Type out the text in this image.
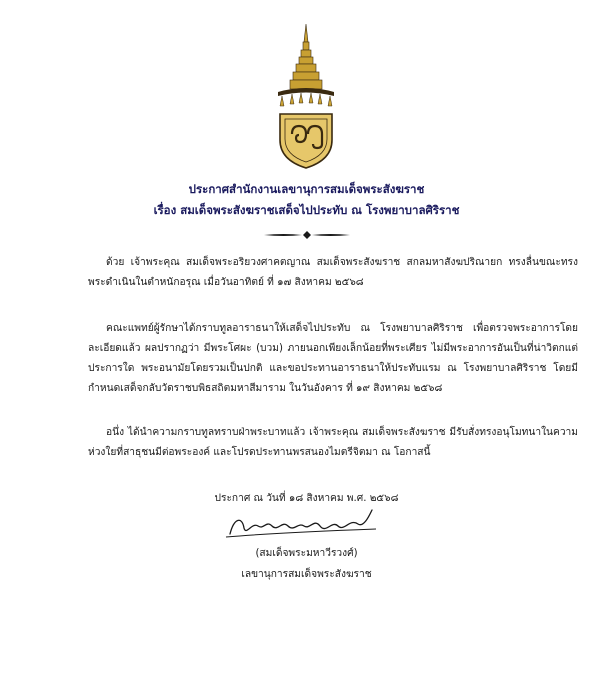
ประกาศสำนักงานเลขานุการสมเด็จพระสังฆราช
เรื่อง สมเด็จพระสังฆราชเสด็จไปประทับ ณ โรงพยาบาลศิริราช

ด้วย เจ้าพระคุณ สมเด็จพระอริยวงศาคตญาณ สมเด็จพระสังฆราช สกลมหาสังฆปริณายก ทรงลื่นขณะทรงพระดำเนินในตำหนักอรุณ เมื่อวันอาทิตย์ ที่ ๑๗ สิงหาคม ๒๕๖๘

คณะแพทย์ผู้รักษาได้กราบทูลอาราธนาให้เสด็จไปประทับ ณ โรงพยาบาลศิริราช เพื่อตรวจพระอาการโดยละเอียดแล้ว ผลปรากฏว่า มีพระโศผะ (บวม) ภายนอกเพียงเล็กน้อยที่พระเศียร ไม่มีพระอาการอันเป็นที่น่าวิตกแต่ประการใด พระอนามัยโดยรวมเป็นปกติ และขอประทานอาราธนาให้ประทับแรม ณ โรงพยาบาลศิริราช โดยมีกำหนดเสด็จกลับวัดราชบพิธสถิตมหาสีมาราม ในวันอังคาร ที่ ๑๙ สิงหาคม ๒๕๖๘

อนึ่ง ได้นำความกราบทูลทราบฝ่าพระบาทแล้ว เจ้าพระคุณ สมเด็จพระสังฆราช มีรับสั่งทรงอนุโมทนาในความห่วงใยที่สาธุชนมีต่อพระองค์ และโปรดประทานพรสนองไมตรีจิตมา ณ โอกาสนี้

ประกาศ ณ วันที่ ๑๘ สิงหาคม พ.ศ. ๒๕๖๘
(สมเด็จพระมหาวีรวงศ์)
เลขานุการสมเด็จพระสังฆราช
